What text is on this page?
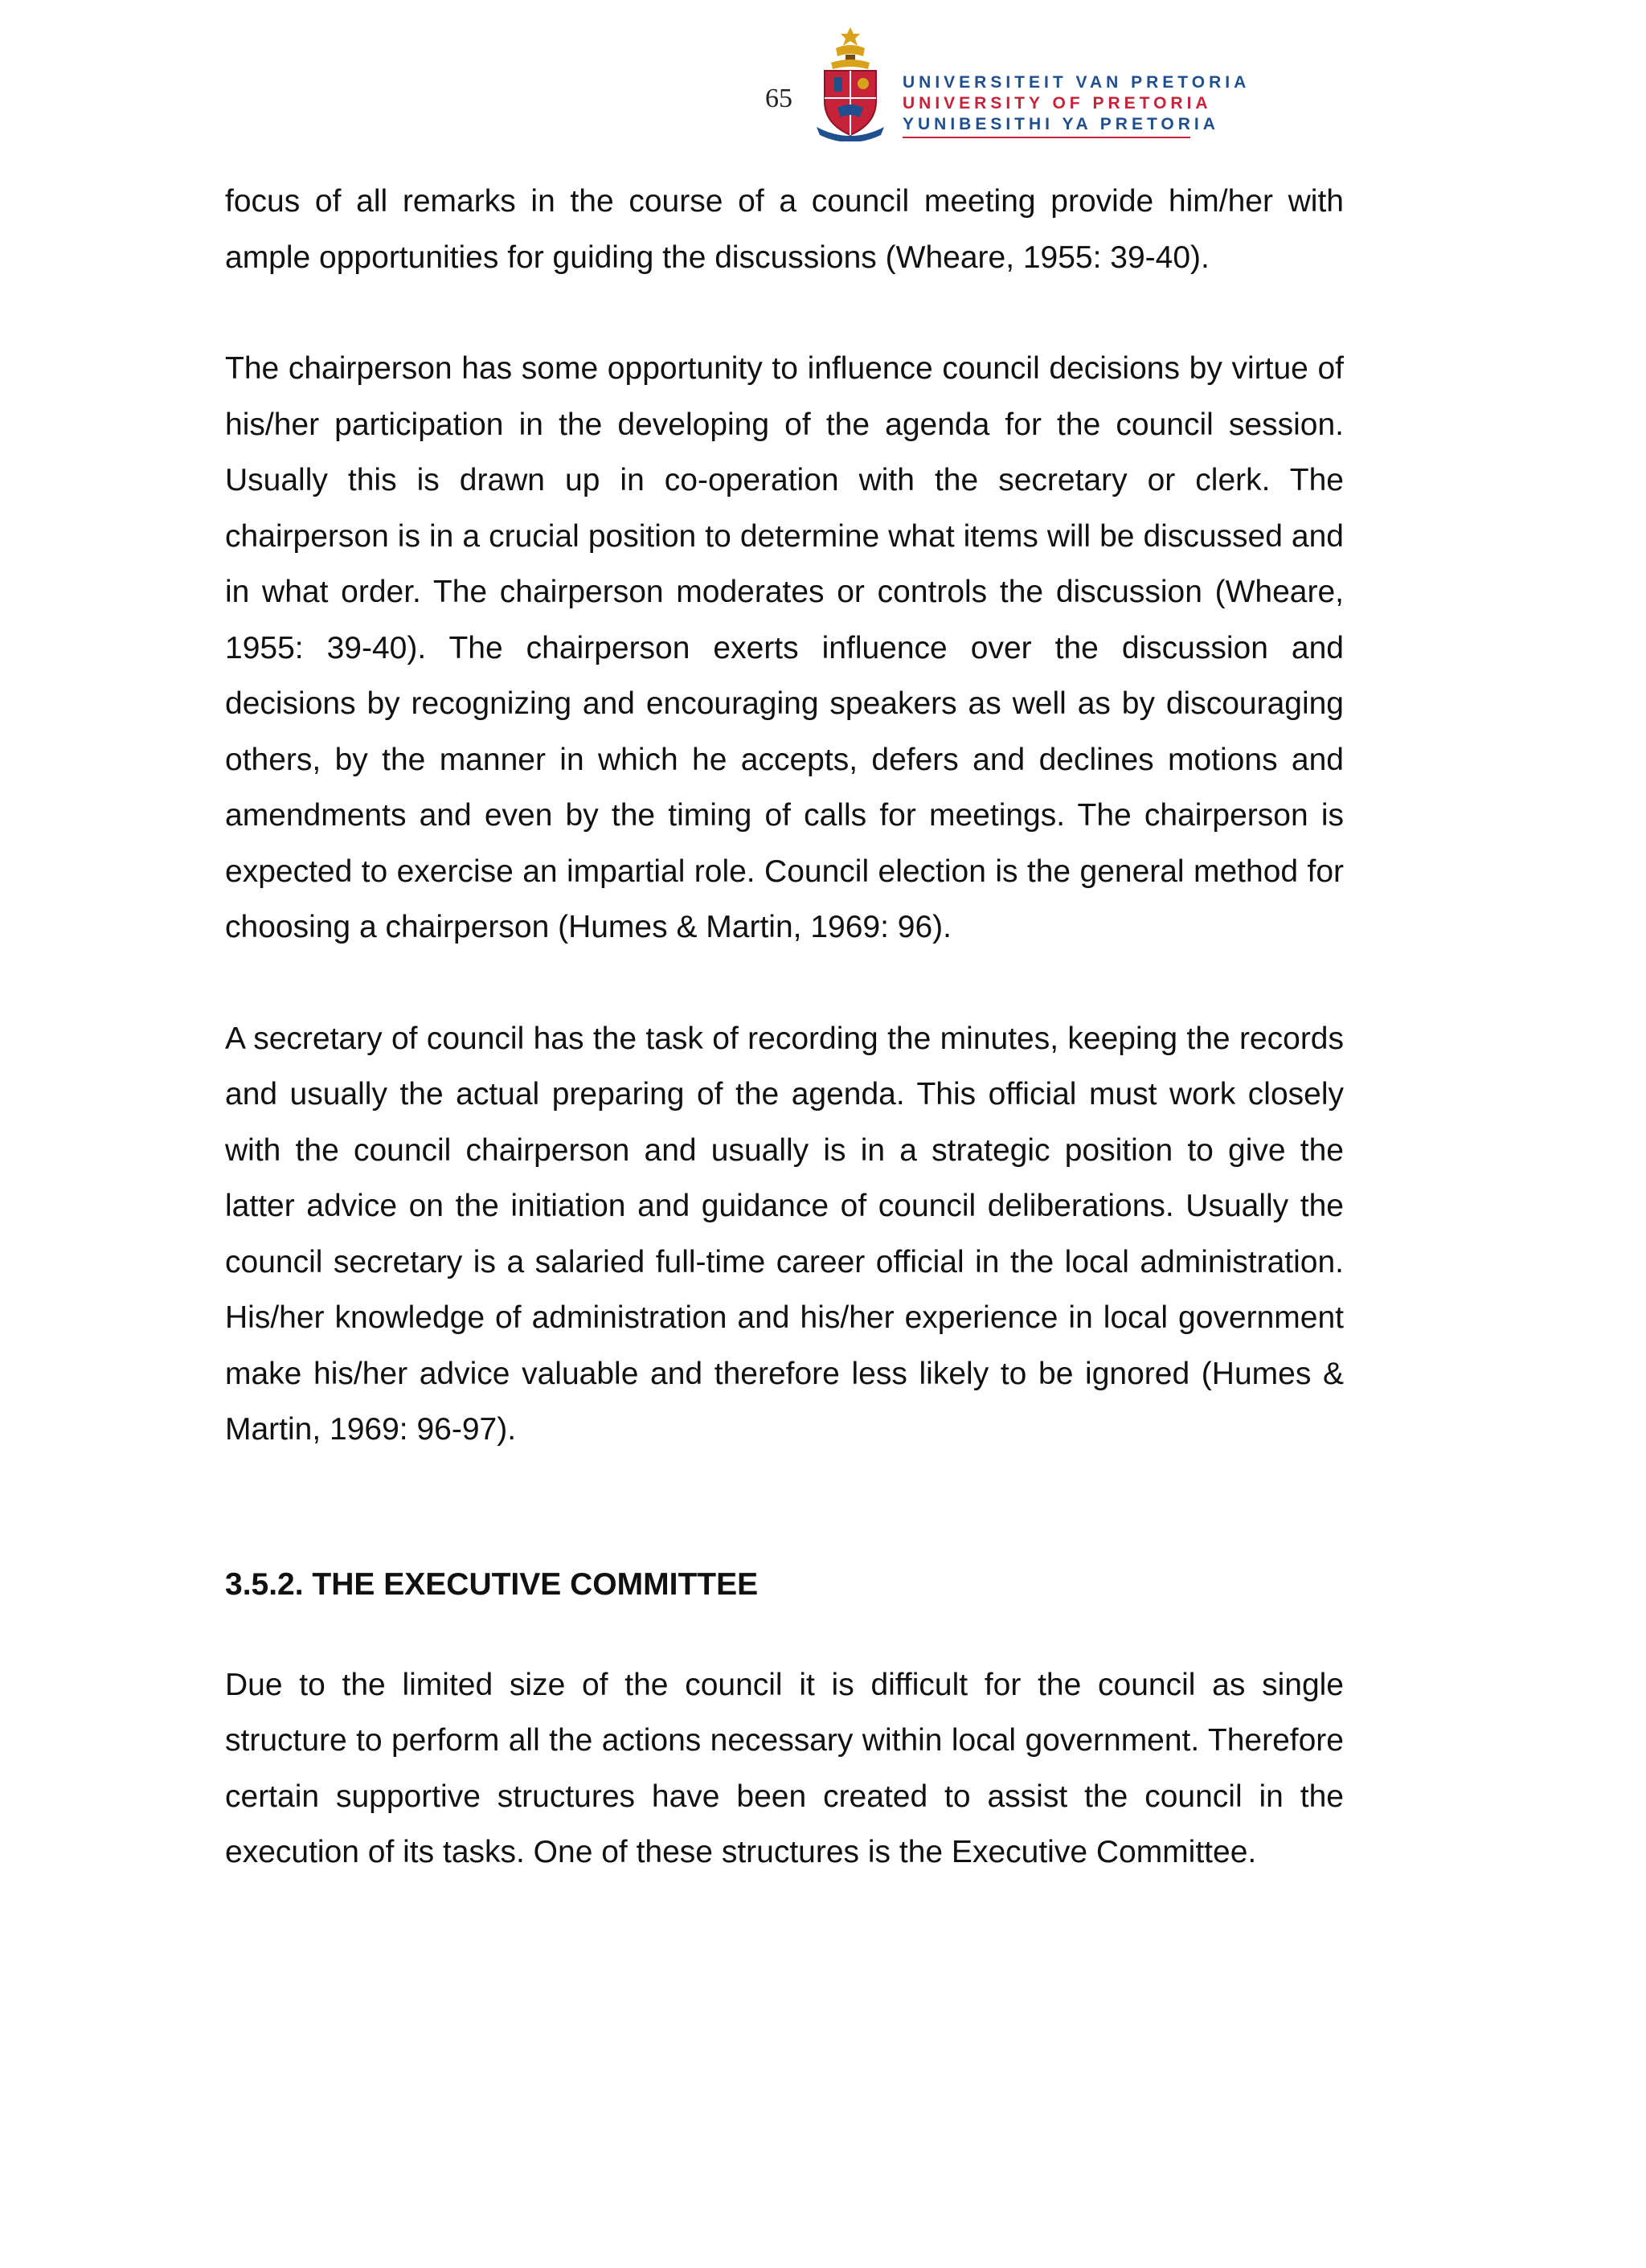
65
UNIVERSITEIT VAN PRETORIA
UNIVERSITY OF PRETORIA
YUNIBESITHI YA PRETORIA

focus of all remarks in the course of a council meeting provide him/her with ample opportunities for guiding the discussions (Wheare, 1955: 39-40).

The chairperson has some opportunity to influence council decisions by virtue of his/her participation in the developing of the agenda for the council session. Usually this is drawn up in co-operation with the secretary or clerk. The chairperson is in a crucial position to determine what items will be discussed and in what order. The chairperson moderates or controls the discussion (Wheare, 1955: 39-40). The chairperson exerts influence over the discussion and decisions by recognizing and encouraging speakers as well as by discouraging others, by the manner in which he accepts, defers and declines motions and amendments and even by the timing of calls for meetings. The chairperson is expected to exercise an impartial role. Council election is the general method for choosing a chairperson (Humes & Martin, 1969: 96).

A secretary of council has the task of recording the minutes, keeping the records and usually the actual preparing of the agenda. This official must work closely with the council chairperson and usually is in a strategic position to give the latter advice on the initiation and guidance of council deliberations. Usually the council secretary is a salaried full-time career official in the local administration. His/her knowledge of administration and his/her experience in local government make his/her advice valuable and therefore less likely to be ignored (Humes & Martin, 1969: 96-97).

3.5.2. THE EXECUTIVE COMMITTEE

Due to the limited size of the council it is difficult for the council as single structure to perform all the actions necessary within local government. Therefore certain supportive structures have been created to assist the council in the execution of its tasks. One of these structures is the Executive Committee.
